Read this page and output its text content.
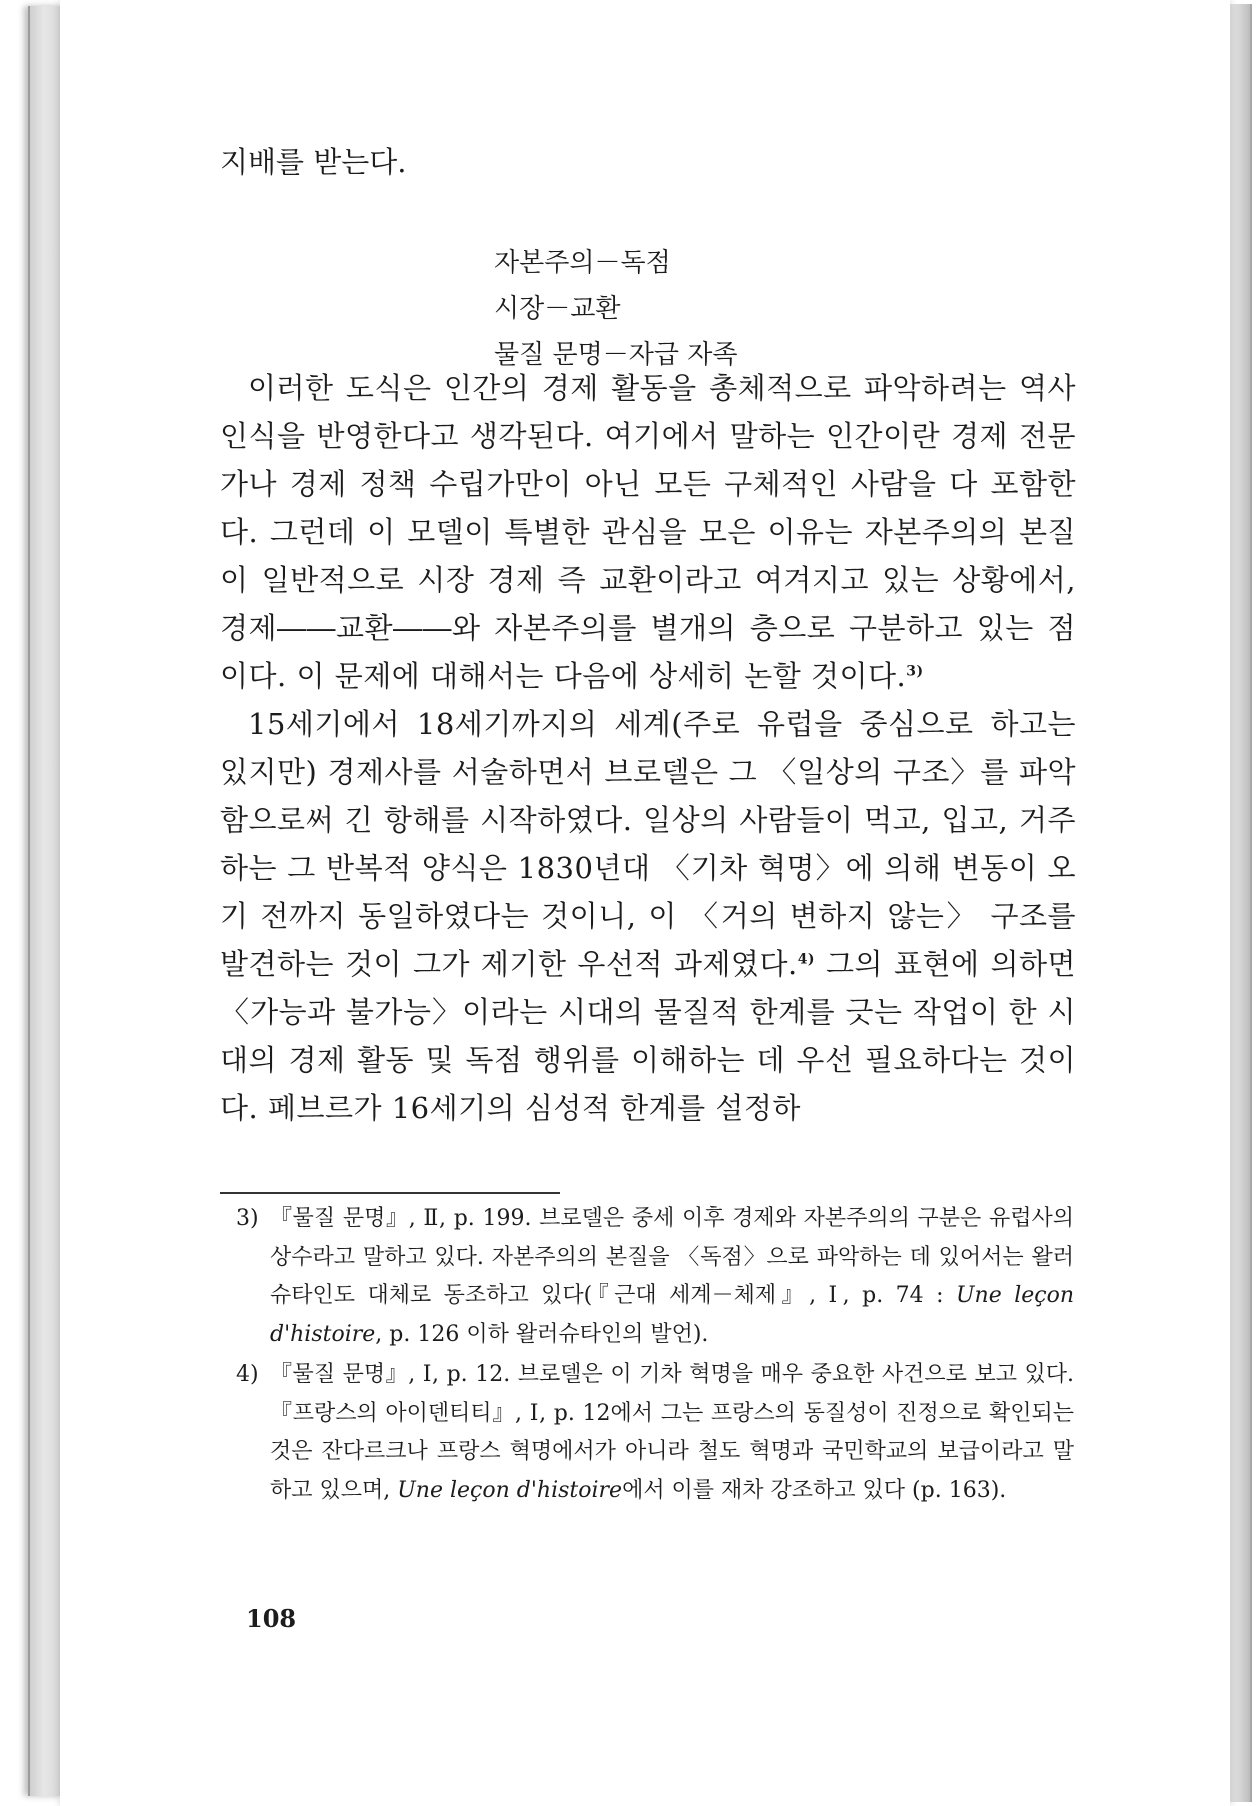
지배를 받는다.
자본주의－독점
시장－교환
물질 문명－자급 자족

이러한 도식은 인간의 경제 활동을 총체적으로 파악하려는 역사 인식을 반영한다고 생각된다. 여기에서 말하는 인간이란 경제 전문가나 경제 정책 수립가만이 아닌 모든 구체적인 사람을 다 포함한다. 그런데 이 모델이 특별한 관심을 모은 이유는 자본주의의 본질이 일반적으로 시장 경제 즉 교환이라고 여겨지고 있는 상황에서, 경제――교환――와 자본주의를 별개의 층으로 구분하고 있는 점이다. 이 문제에 대해서는 다음에 상세히 논할 것이다.$^{3)}$

15세기에서 18세기까지의 세계(주로 유럽을 중심으로 하고는 있지만) 경제사를 서술하면서 브로델은 그 〈일상의 구조〉를 파악함으로써 긴 항해를 시작하였다. 일상의 사람들이 먹고, 입고, 거주하는 그 반복적 양식은 1830년대 〈기차 혁명〉에 의해 변동이 오기 전까지 동일하였다는 것이니, 이 〈거의 변하지 않는〉 구조를 발견하는 것이 그가 제기한 우선적 과제였다.$^{4)}$ 그의 표현에 의하면 〈가능과 불가능〉이라는 시대의 물질적 한계를 긋는 작업이 한 시대의 경제 활동 및 독점 행위를 이해하는 데 우선 필요하다는 것이다. 페브르가 16세기의 심성적 한계를 설정하

3) 『물질 문명』, Ⅱ, p. 199. 브로델은 중세 이후 경제와 자본주의의 구분은 유럽사의 상수라고 말하고 있다. 자본주의의 본질을 〈독점〉으로 파악하는 데 있어서는 왈러슈타인도 대체로 동조하고 있다(『근대 세계－체제』, Ⅰ, p. 74 : Une leçon d'histoire, p. 126 이하 왈러슈타인의 발언).
4) 『물질 문명』, Ⅰ, p. 12. 브로델은 이 기차 혁명을 매우 중요한 사건으로 보고 있다. 『프랑스의 아이덴티티』, Ⅰ, p. 12에서 그는 프랑스의 동질성이 진정으로 확인되는 것은 잔다르크나 프랑스 혁명에서가 아니라 철도 혁명과 국민학교의 보급이라고 말하고 있으며, Une leçon d'histoire에서 이를 재차 강조하고 있다 (p. 163).
108
